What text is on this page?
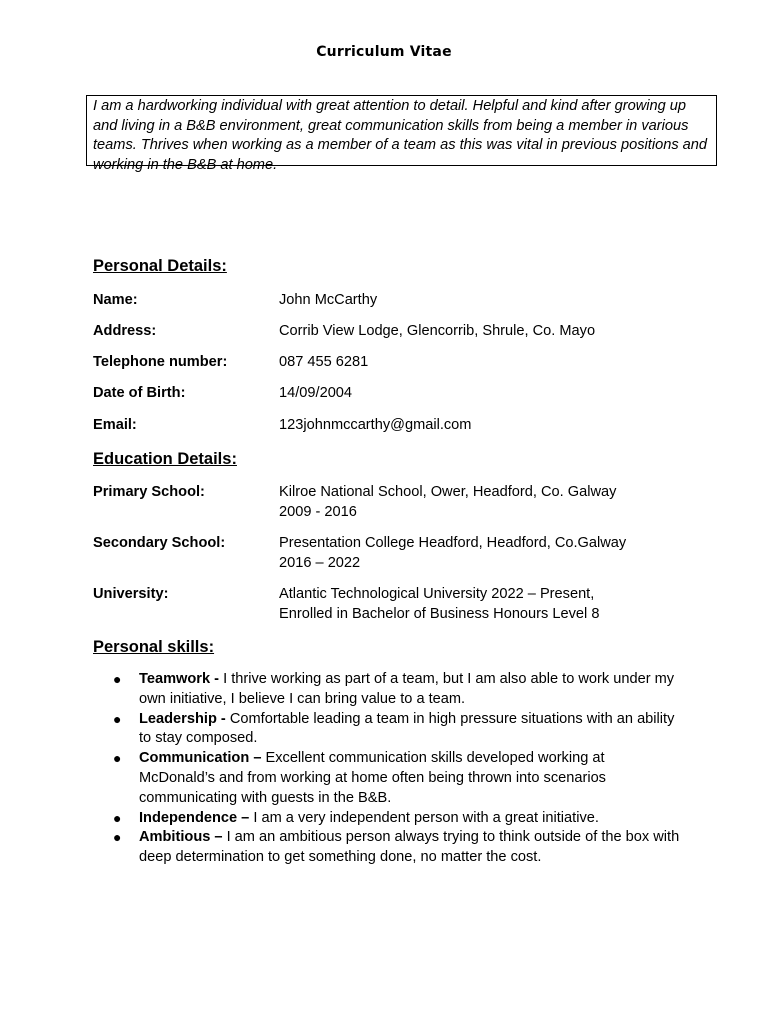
Curriculum Vitae
I am a hardworking individual with great attention to detail. Helpful and kind after growing up and living in a B&B environment, great communication skills from being a member in various teams. Thrives when working as a member of a team as this was vital in previous positions and working in the B&B at home.
Personal Details:
Name:	John McCarthy
Address:	Corrib View Lodge, Glencorrib, Shrule, Co. Mayo
Telephone number:	087 455 6281
Date of Birth:	14/09/2004
Email:	123johnmccarthy@gmail.com
Education Details:
Primary School:	Kilroe National School, Ower, Headford, Co. Galway
2009 - 2016
Secondary School:	Presentation College Headford, Headford, Co.Galway
2016 – 2022
University:	Atlantic Technological University 2022 – Present,
Enrolled in Bachelor of Business Honours Level 8
Personal skills:
● Teamwork - I thrive working as part of a team, but I am also able to work under my own initiative, I believe I can bring value to a team.
● Leadership - Comfortable leading a team in high pressure situations with an ability to stay composed.
● Communication – Excellent communication skills developed working at McDonald’s and from working at home often being thrown into scenarios communicating with guests in the B&B.
● Independence – I am a very independent person with a great initiative.
● Ambitious – I am an ambitious person always trying to think outside of the box with deep determination to get something done, no matter the cost.
